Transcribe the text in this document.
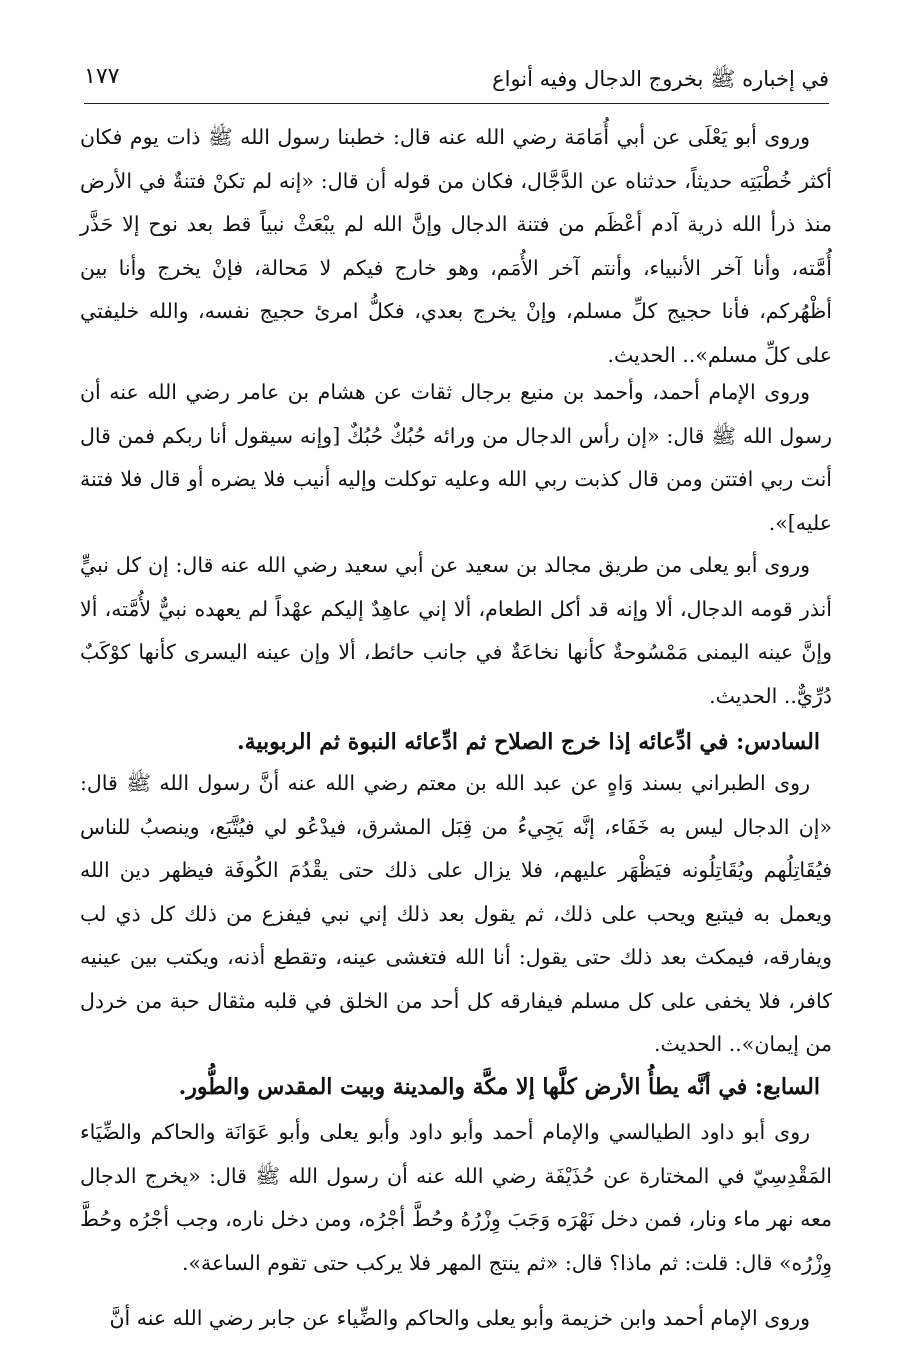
في إخباره ﷺ بخروج الدجال وفيه أنواع
١٧٧

وروى أبو يَعْلَى عن أبي أُمَامَة رضي الله عنه قال: خطبنا رسول الله ﷺ ذات يوم فكان أكثر خُطْبَتِه حديثاً، حدثناه عن الدَّجَّال، فكان من قوله أن قال: «إنه لم تكنْ فتنةٌ في الأرض منذ ذرأ الله ذرية آدم أعْظَم من فتنة الدجال وإنَّ الله لم يبْعَثْ نبياً قط بعد نوح إلا حَذَّر أُمَّته، وأنا آخر الأنبياء، وأنتم آخر الأُمَم، وهو خارج فيكم لا مَحالة، فإنْ يخرج وأنا بين أظْهُركم، فأنا حجيج كلِّ مسلم، وإنْ يخرج بعدي، فكلُّ امرئ حجيج نفسه، والله خليفتي على كلِّ مسلم».. الحديث.

وروى الإمام أحمد، وأحمد بن منيع برجال ثقات عن هشام بن عامر رضي الله عنه أن رسول الله ﷺ قال: «إن رأس الدجال من ورائه حُبُكٌ حُبُكٌ [وإنه سيقول أنا ربكم فمن قال أنت ربي افتتن ومن قال كذبت ربي الله وعليه توكلت وإليه أنيب فلا يضره أو قال فلا فتنة عليه]».

وروى أبو يعلى من طريق مجالد بن سعيد عن أبي سعيد رضي الله عنه قال: إن كل نبيٍّ أنذر قومه الدجال، ألا وإنه قد أكل الطعام، ألا إني عاهِدٌ إليكم عهْداً لم يعهده نبيٌّ لأُمَّته، ألا وإنَّ عينه اليمنى مَمْسُوحةٌ كأنها نخاعَةٌ في جانب حائط، ألا وإن عينه اليسرى كأنها كوْكَبٌ دُرِّيٌّ.. الحديث.

السادس: في ادِّعائه إذا خرج الصلاح ثم ادِّعائه النبوة ثم الربوبية.

روى الطبراني بسند وَاهٍ عن عبد الله بن معتم رضي الله عنه أنَّ رسول الله ﷺ قال: «إن الدجال ليس به خَفَاء، إنَّه يَجِيءُ من قِبَل المشرق، فيدْعُو لي فيُتَّبَع، وينصبُ للناس فيُقَاتِلُهم ويُقَاتِلُونه فيَظْهَر عليهم، فلا يزال على ذلك حتى يقْدُمَ الكُوفَة فيظهر دين الله ويعمل به فيتبع ويحب على ذلك، ثم يقول بعد ذلك إني نبي فيفزع من ذلك كل ذي لب ويفارقه، فيمكث بعد ذلك حتى يقول: أنا الله فتغشى عينه، وتقطع أذنه، ويكتب بين عينيه كافر، فلا يخفى على كل مسلم فيفارقه كل أحد من الخلق في قلبه مثقال حبة من خردل من إيمان».. الحديث.

السابع: في أنَّه يطأُ الأرض كلَّها إلا مكَّة والمدينة وبيت المقدس والطُّور.

روى أبو داود الطيالسي والإمام أحمد وأبو داود وأبو يعلى وأبو عَوَانَة والحاكم والضِّيَاء المَقْدِسِيّ في المختارة عن حُذَيْفَة رضي الله عنه أن رسول الله ﷺ قال: «يخرج الدجال معه نهر ماء ونار، فمن دخل نَهْرَه وَجَبَ وِزْرُهُ وحُطَّ أجْرُه، ومن دخل ناره، وجب أجْرُه وحُطَّ وِزْرُه» قال: قلت: ثم ماذا؟ قال: «ثم ينتج المهر فلا يركب حتى تقوم الساعة».

وروى الإمام أحمد وابن خزيمة وأبو يعلى والحاكم والضِّياء عن جابر رضي الله عنه أنَّ
